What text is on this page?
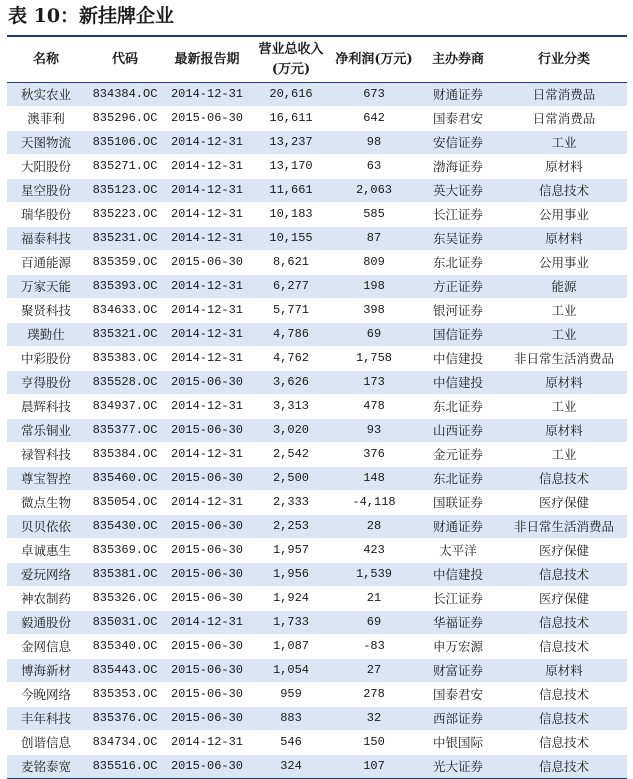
表 10：新挂牌企业
名称	代码	最新报告期	营业总收入(万元)	净利润(万元)	主办券商	行业分类
秋实农业	834384.OC	2014-12-31	20,616	673	财通证券	日常消费品
澳菲利	835296.OC	2015-06-30	16,611	642	国泰君安	日常消费品
天图物流	835106.OC	2014-12-31	13,237	98	安信证券	工业
大阳股份	835271.OC	2014-12-31	13,170	63	渤海证券	原材料
星空股份	835123.OC	2014-12-31	11,661	2,063	英大证券	信息技术
瑞华股份	835223.OC	2014-12-31	10,183	585	长江证券	公用事业
福泰科技	835231.OC	2014-12-31	10,155	87	东吴证券	原材料
百通能源	835359.OC	2015-06-30	8,621	809	东北证券	公用事业
万家天能	835393.OC	2014-12-31	6,277	198	方正证券	能源
聚贤科技	834633.OC	2014-12-31	5,771	398	银河证券	工业
璞勤仕	835321.OC	2014-12-31	4,786	69	国信证券	工业
中彩股份	835383.OC	2014-12-31	4,762	1,758	中信建投	非日常生活消费品
亨得股份	835528.OC	2015-06-30	3,626	173	中信建投	原材料
晨辉科技	834937.OC	2014-12-31	3,313	478	东北证券	工业
常乐铜业	835377.OC	2015-06-30	3,020	93	山西证券	原材料
禄智科技	835384.OC	2014-12-31	2,542	376	金元证券	工业
尊宝智控	835460.OC	2015-06-30	2,500	148	东北证券	信息技术
微点生物	835054.OC	2014-12-31	2,333	-4,118	国联证券	医疗保健
贝贝依依	835430.OC	2015-06-30	2,253	28	财通证券	非日常生活消费品
卓诚惠生	835369.OC	2015-06-30	1,957	423	太平洋	医疗保健
爱玩网络	835381.OC	2015-06-30	1,956	1,539	中信建投	信息技术
神农制药	835326.OC	2015-06-30	1,924	21	长江证券	医疗保健
毅通股份	835031.OC	2014-12-31	1,733	69	华福证券	信息技术
金网信息	835340.OC	2015-06-30	1,087	-83	申万宏源	信息技术
博海新材	835443.OC	2015-06-30	1,054	27	财富证券	原材料
今晚网络	835353.OC	2015-06-30	959	278	国泰君安	信息技术
丰年科技	835376.OC	2015-06-30	883	32	西部证券	信息技术
创谐信息	834734.OC	2014-12-31	546	150	中银国际	信息技术
麦铭泰宽	835516.OC	2015-06-30	324	107	光大证券	信息技术
